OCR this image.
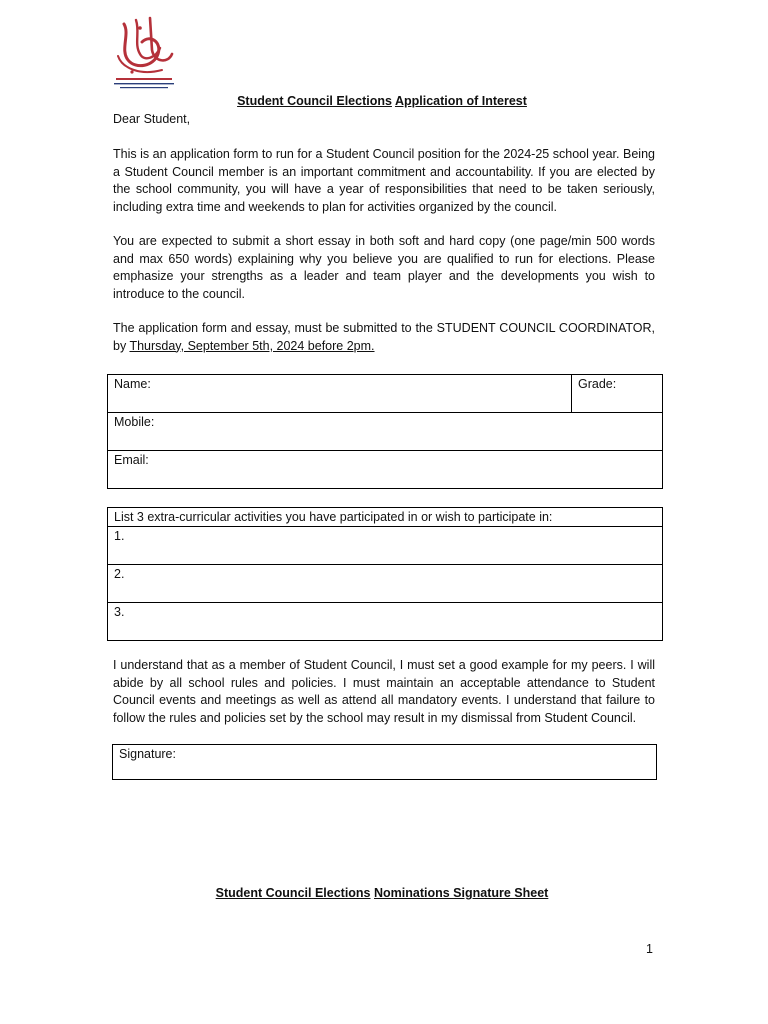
Student Council Elections Application of Interest
Dear Student,

This is an application form to run for a Student Council position for the 2024-25 school year. Being a Student Council member is an important commitment and accountability. If you are elected by the school community, you will have a year of responsibilities that need to be taken seriously, including extra time and weekends to plan for activities organized by the council.

You are expected to submit a short essay in both soft and hard copy (one page/min 500 words and max 650 words) explaining why you believe you are qualified to run for elections. Please emphasize your strengths as a leader and team player and the developments you wish to introduce to the council.

The application form and essay, must be submitted to the STUDENT COUNCIL COORDINATOR, by Thursday, September 5th, 2024 before 2pm.

Name:	Grade:
Mobile:
Email:
List 3 extra-curricular activities you have participated in or wish to participate in:
1.
2.
3.

I understand that as a member of Student Council, I must set a good example for my peers. I will abide by all school rules and policies. I must maintain an acceptable attendance to Student Council events and meetings as well as attend all mandatory events. I understand that failure to follow the rules and policies set by the school may result in my dismissal from Student Council.

Signature:
Student Council Elections Nominations Signature Sheet
1
